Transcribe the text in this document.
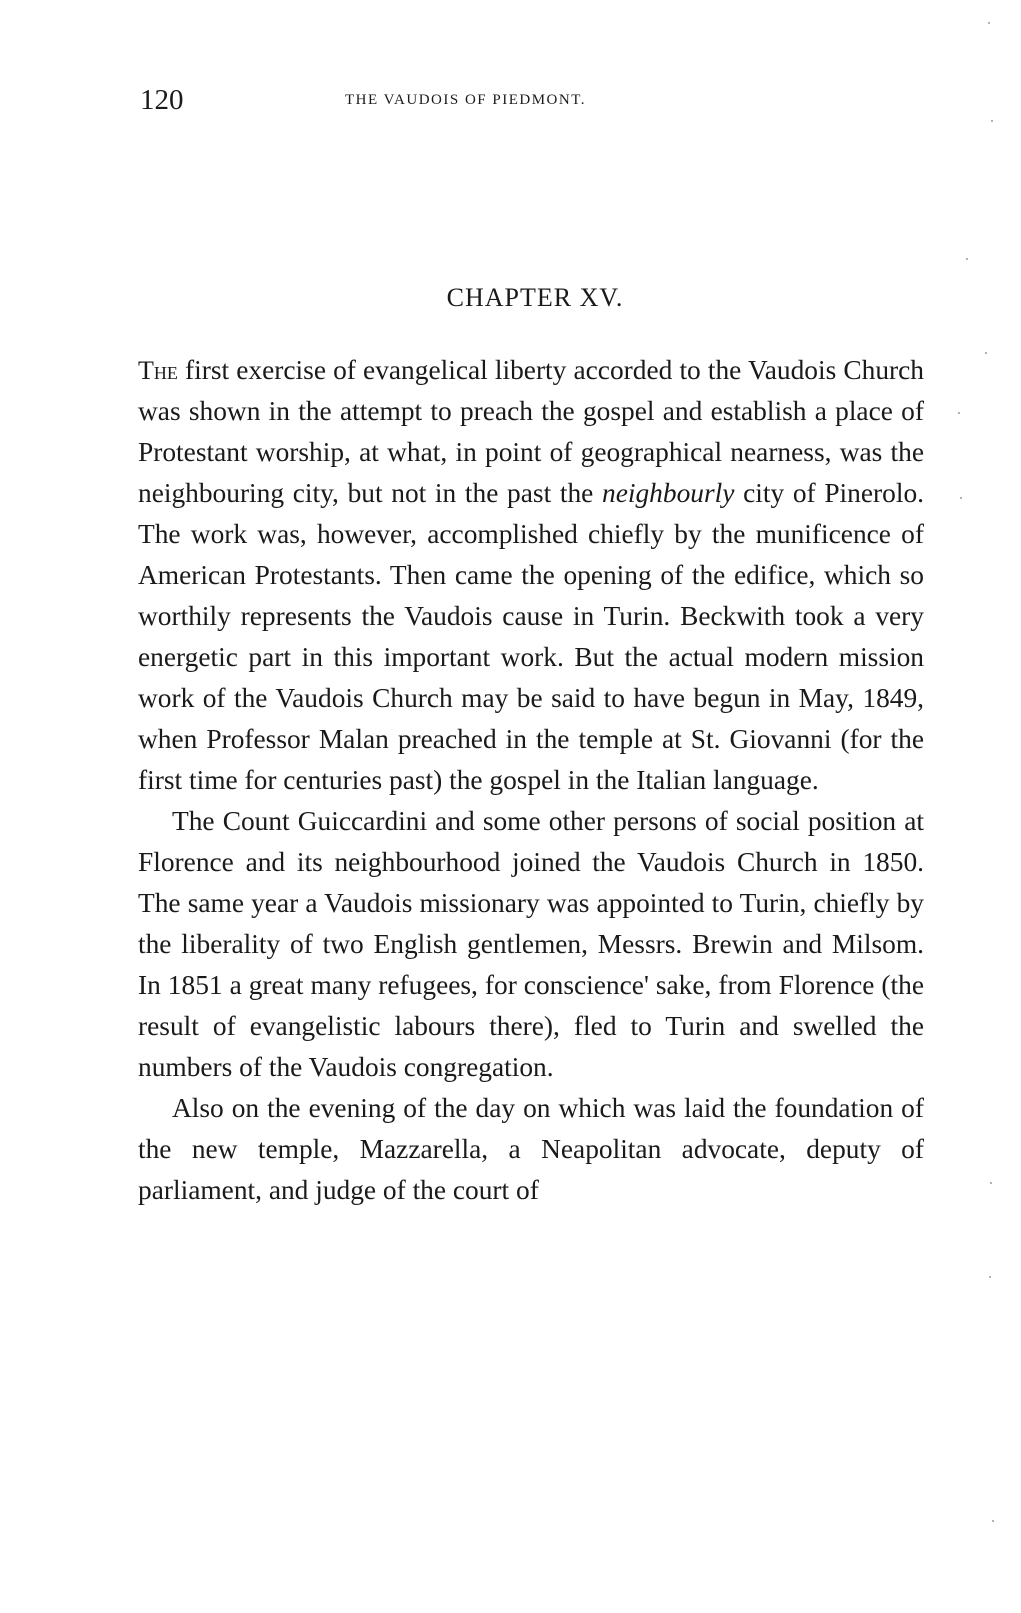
120	THE VAUDOIS OF PIEDMONT.
CHAPTER XV.

The first exercise of evangelical liberty accorded to the Vaudois Church was shown in the attempt to preach the gospel and establish a place of Protestant worship, at what, in point of geographical nearness, was the neighbouring city, but not in the past the neighbourly city of Pinerolo. The work was, however, accomplished chiefly by the munificence of American Protestants. Then came the opening of the edifice, which so worthily represents the Vaudois cause in Turin. Beckwith took a very energetic part in this important work. But the actual modern mission work of the Vaudois Church may be said to have begun in May, 1849, when Professor Malan preached in the temple at St. Giovanni (for the first time for centuries past) the gospel in the Italian language.

The Count Guiccardini and some other persons of social position at Florence and its neighbourhood joined the Vaudois Church in 1850. The same year a Vaudois missionary was appointed to Turin, chiefly by the liberality of two English gentlemen, Messrs. Brewin and Milsom. In 1851 a great many refugees, for conscience' sake, from Florence (the result of evangelistic labours there), fled to Turin and swelled the numbers of the Vaudois congregation.

Also on the evening of the day on which was laid the foundation of the new temple, Mazzarella, a Neapolitan advocate, deputy of parliament, and judge of the court of
